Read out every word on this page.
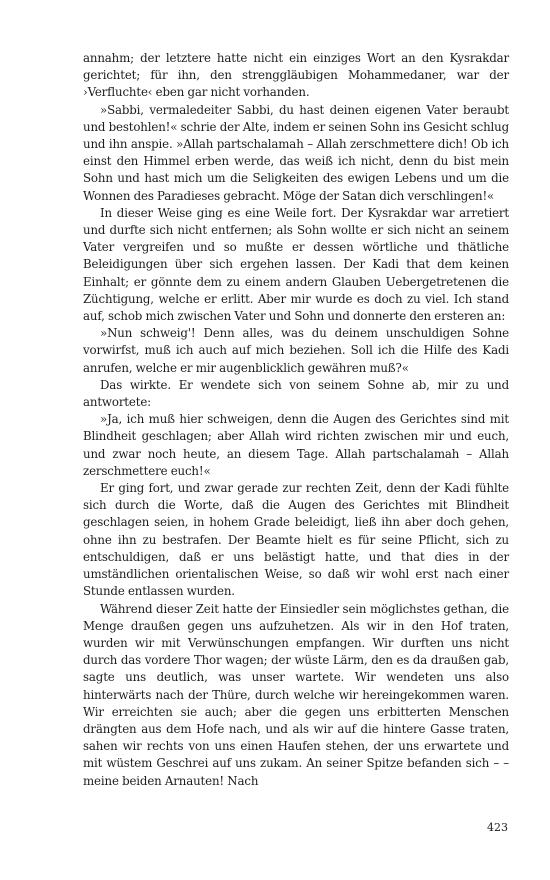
annahm; der letztere hatte nicht ein einziges Wort an den Kysrakdar gerichtet; für ihn, den strenggläubigen Mohammedaner, war der ›Verfluchte‹ eben gar nicht vorhanden.

»Sabbi, vermaledeiter Sabbi, du hast deinen eigenen Vater beraubt und bestohlen!« schrie der Alte, indem er seinen Sohn ins Gesicht schlug und ihn anspie. »Allah partschalamah – Allah zerschmettere dich! Ob ich einst den Himmel erben werde, das weiß ich nicht, denn du bist mein Sohn und hast mich um die Seligkeiten des ewigen Lebens und um die Wonnen des Paradieses gebracht. Möge der Satan dich verschlingen!«

In dieser Weise ging es eine Weile fort. Der Kysrakdar war arretiert und durfte sich nicht entfernen; als Sohn wollte er sich nicht an seinem Vater vergreifen und so mußte er dessen wörtliche und thätliche Beleidigungen über sich ergehen lassen. Der Kadi that dem keinen Einhalt; er gönnte dem zu einem andern Glauben Uebergetretenen die Züchtigung, welche er erlitt. Aber mir wurde es doch zu viel. Ich stand auf, schob mich zwischen Vater und Sohn und donnerte den ersteren an:

»Nun schweig'! Denn alles, was du deinem unschuldigen Sohne vorwirfst, muß ich auch auf mich beziehen. Soll ich die Hilfe des Kadi anrufen, welche er mir augenblicklich gewähren muß?«

Das wirkte. Er wendete sich von seinem Sohne ab, mir zu und antwortete:

»Ja, ich muß hier schweigen, denn die Augen des Gerichtes sind mit Blindheit geschlagen; aber Allah wird richten zwischen mir und euch, und zwar noch heute, an diesem Tage. Allah partschalamah – Allah zerschmettere euch!«

Er ging fort, und zwar gerade zur rechten Zeit, denn der Kadi fühlte sich durch die Worte, daß die Augen des Gerichtes mit Blindheit geschlagen seien, in hohem Grade beleidigt, ließ ihn aber doch gehen, ohne ihn zu bestrafen. Der Beamte hielt es für seine Pflicht, sich zu entschuldigen, daß er uns belästigt hatte, und that dies in der umständlichen orientalischen Weise, so daß wir wohl erst nach einer Stunde entlassen wurden.

Während dieser Zeit hatte der Einsiedler sein möglichstes gethan, die Menge draußen gegen uns aufzuhetzen. Als wir in den Hof traten, wurden wir mit Verwünschungen empfangen. Wir durften uns nicht durch das vordere Thor wagen; der wüste Lärm, den es da draußen gab, sagte uns deutlich, was unser wartete. Wir wendeten uns also hinterwärts nach der Thüre, durch welche wir hereingekommen waren. Wir erreichten sie auch; aber die gegen uns erbitterten Menschen drängten aus dem Hofe nach, und als wir auf die hintere Gasse traten, sahen wir rechts von uns einen Haufen stehen, der uns erwartete und mit wüstem Geschrei auf uns zukam. An seiner Spitze befanden sich – – meine beiden Arnauten! Nach

423
